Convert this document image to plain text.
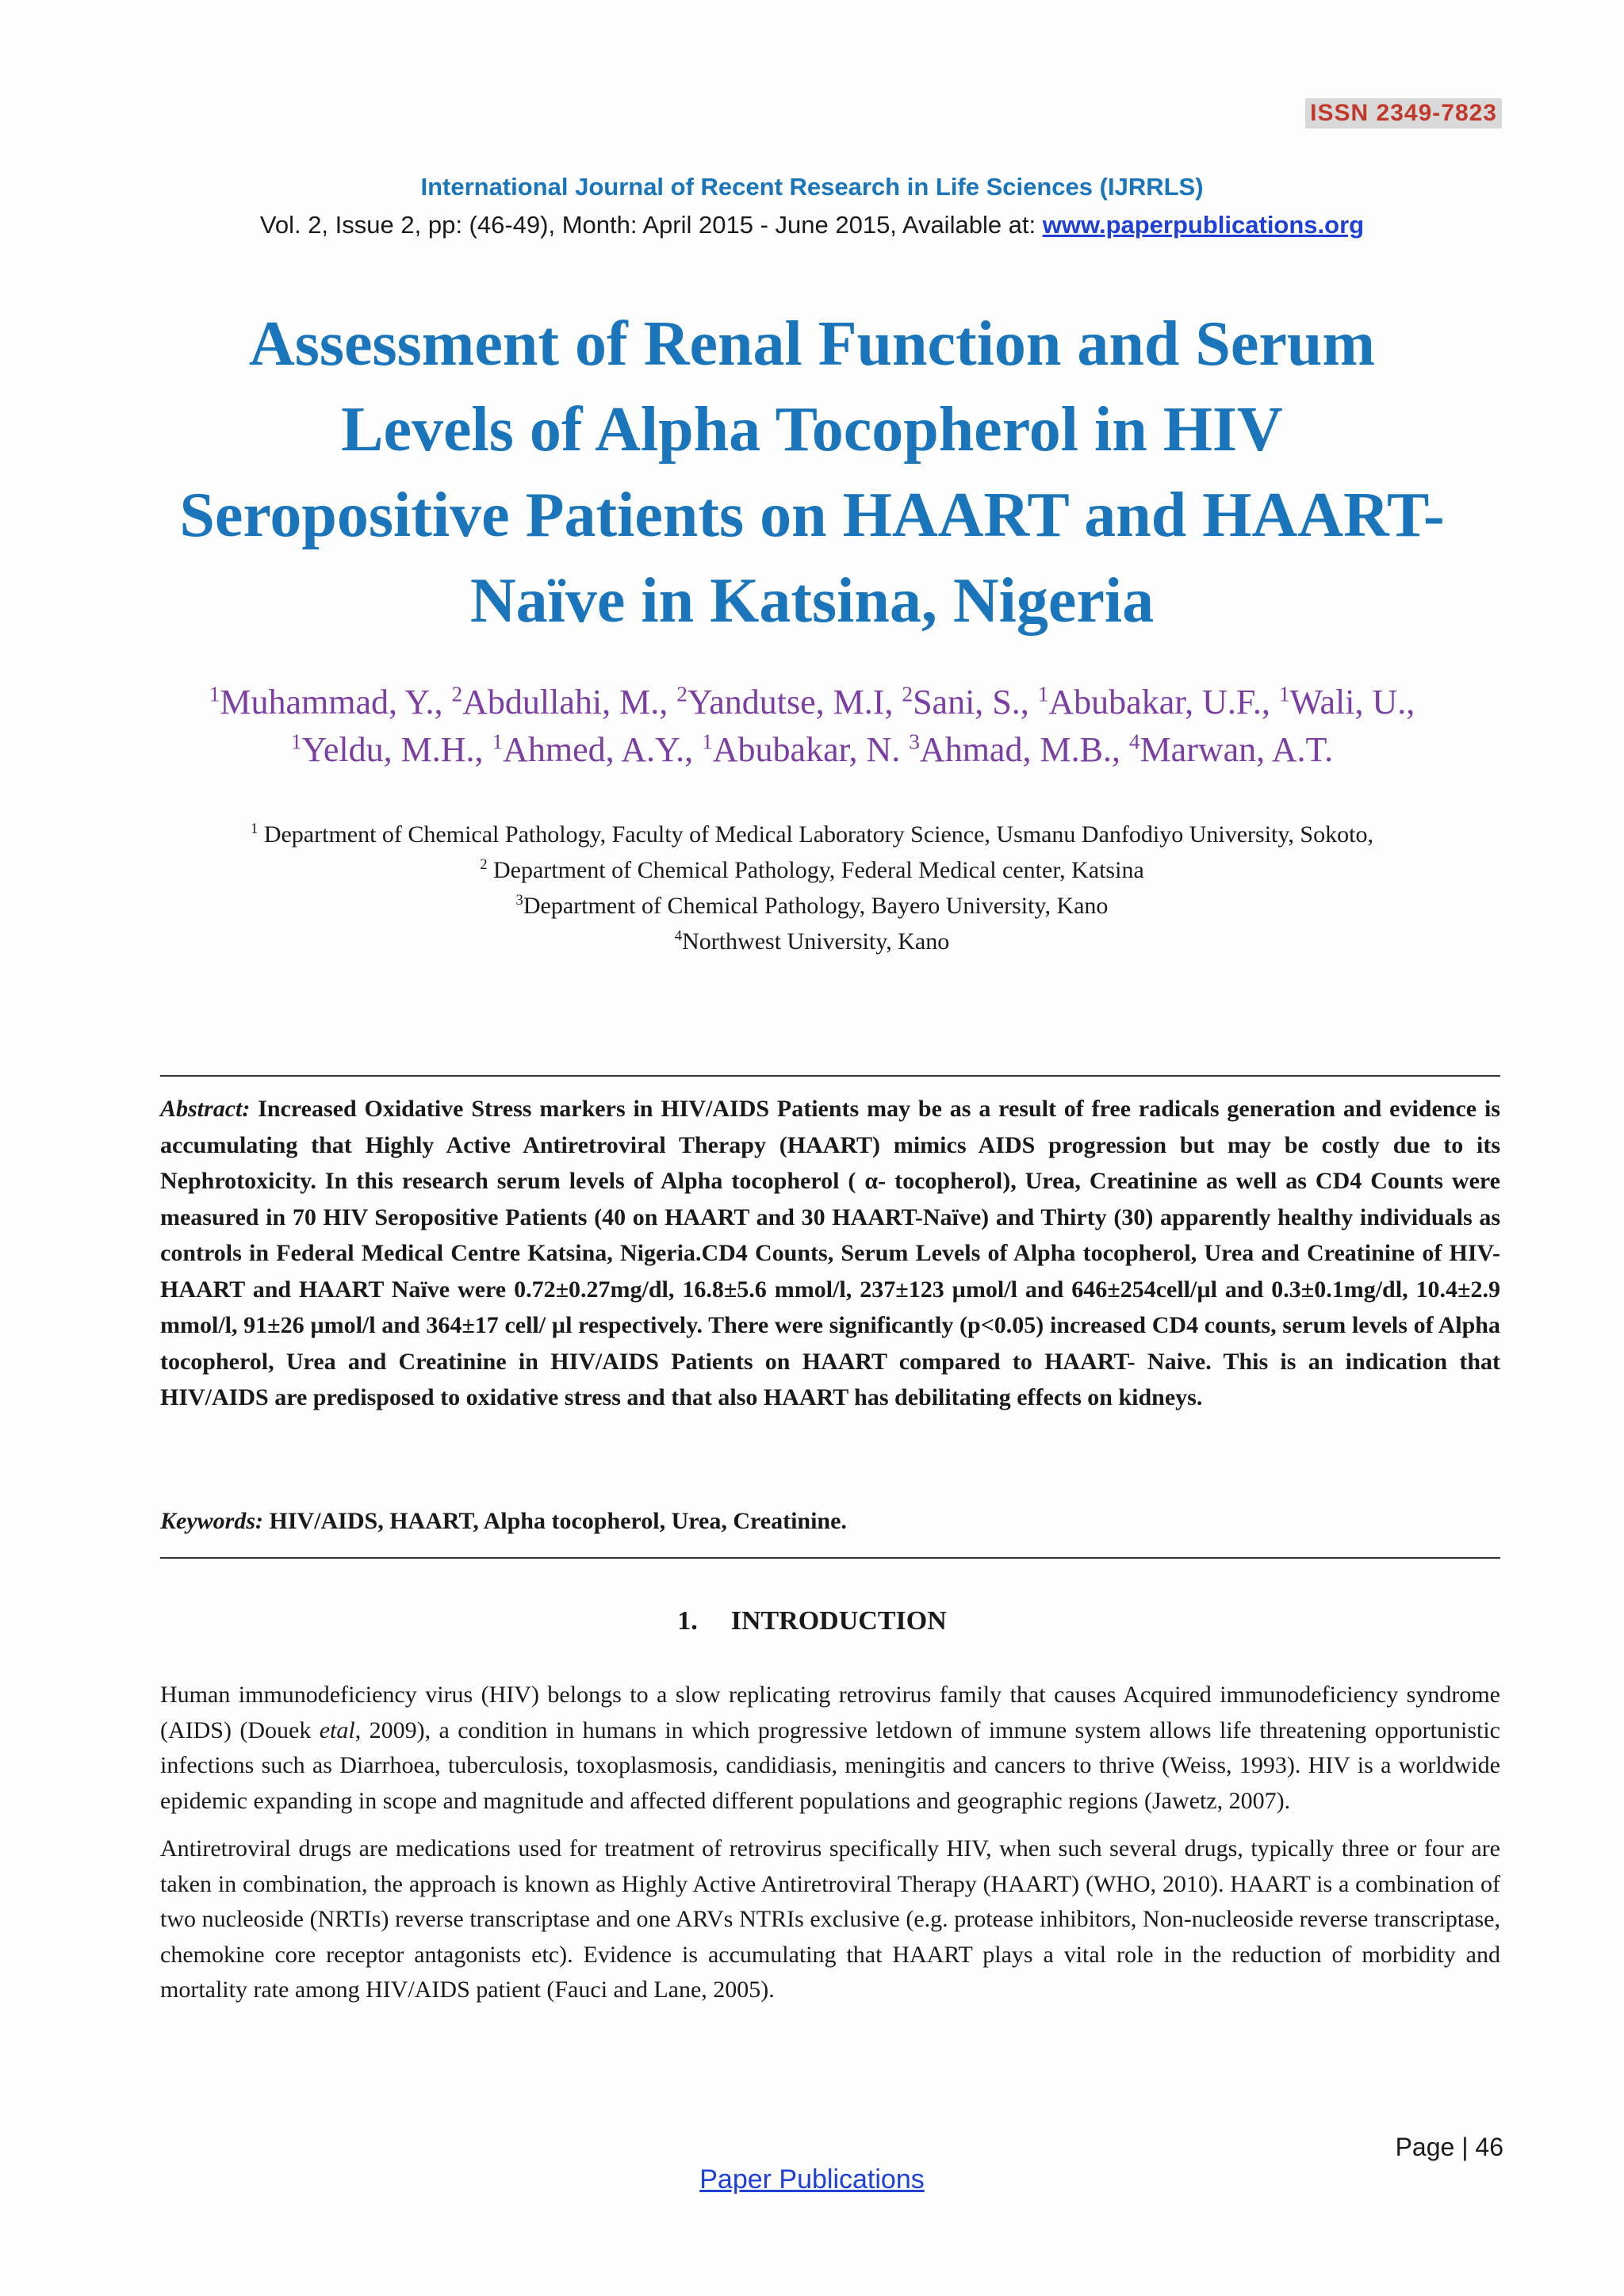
ISSN 2349-7823
International Journal of Recent Research in Life Sciences (IJRRLS)
Vol. 2, Issue 2, pp: (46-49), Month: April 2015 - June 2015, Available at: www.paperpublications.org
Assessment of Renal Function and Serum
Levels of Alpha Tocopherol in HIV
Seropositive Patients on HAART and HAART-
Naïve in Katsina, Nigeria
$^1$Muhammad, Y., $^2$Abdullahi, M., $^2$Yandutse, M.I, $^2$Sani, S., $^1$Abubakar, U.F., $^1$Wali, U.,
$^1$Yeldu, M.H., $^1$Ahmed, A.Y., $^1$Abubakar, N. $^3$Ahmad, M.B., $^4$Marwan, A.T.
$^1$ Department of Chemical Pathology, Faculty of Medical Laboratory Science, Usmanu Danfodiyo University, Sokoto,
$^2$ Department of Chemical Pathology, Federal Medical center, Katsina
$^3$Department of Chemical Pathology, Bayero University, Kano
$^4$Northwest University, Kano
Abstract: Increased Oxidative Stress markers in HIV/AIDS Patients may be as a result of free radicals generation and evidence is accumulating that Highly Active Antiretroviral Therapy (HAART) mimics AIDS progression but may be costly due to its Nephrotoxicity. In this research serum levels of Alpha tocopherol ( α- tocopherol), Urea, Creatinine as well as CD4 Counts were measured in 70 HIV Seropositive Patients (40 on HAART and 30 HAART-Naïve) and Thirty (30) apparently healthy individuals as controls in Federal Medical Centre Katsina, Nigeria.CD4 Counts, Serum Levels of Alpha tocopherol, Urea and Creatinine of HIV-HAART and HAART Naïve were 0.72±0.27mg/dl, 16.8±5.6 mmol/l, 237±123 µmol/l and 646±254cell/µl and 0.3±0.1mg/dl, 10.4±2.9 mmol/l, 91±26 µmol/l and 364±17 cell/ µl respectively. There were significantly (p<0.05) increased CD4 counts, serum levels of Alpha tocopherol, Urea and Creatinine in HIV/AIDS Patients on HAART compared to HAART- Naive. This is an indication that HIV/AIDS are predisposed to oxidative stress and that also HAART has debilitating effects on kidneys.
Keywords: HIV/AIDS, HAART, Alpha tocopherol, Urea, Creatinine.
1. INTRODUCTION

Human immunodeficiency virus (HIV) belongs to a slow replicating retrovirus family that causes Acquired immunodeficiency syndrome (AIDS) (Douek etal, 2009), a condition in humans in which progressive letdown of immune system allows life threatening opportunistic infections such as Diarrhoea, tuberculosis, toxoplasmosis, candidiasis, meningitis and cancers to thrive (Weiss, 1993). HIV is a worldwide epidemic expanding in scope and magnitude and affected different populations and geographic regions (Jawetz, 2007).

Antiretroviral drugs are medications used for treatment of retrovirus specifically HIV, when such several drugs, typically three or four are taken in combination, the approach is known as Highly Active Antiretroviral Therapy (HAART) (WHO, 2010). HAART is a combination of two nucleoside (NRTIs) reverse transcriptase and one ARVs NTRIs exclusive (e.g. protease inhibitors, Non-nucleoside reverse transcriptase, chemokine core receptor antagonists etc). Evidence is accumulating that HAART plays a vital role in the reduction of morbidity and mortality rate among HIV/AIDS patient (Fauci and Lane, 2005).

Page | 46
Paper Publications
